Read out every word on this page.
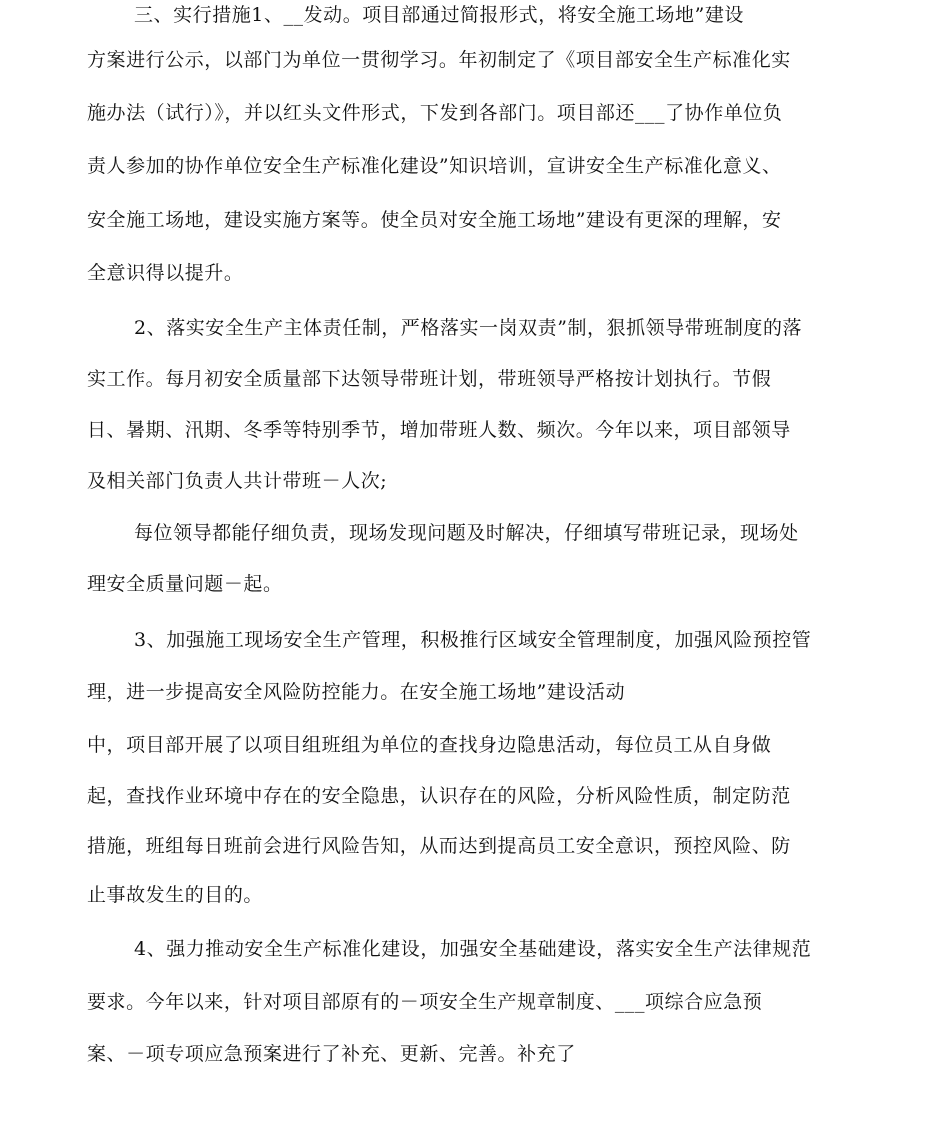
三、实行措施1、__发动。项目部通过简报形式，将安全施工场地”建设
方案进行公示，以部门为单位一贯彻学习。年初制定了《项目部安全生产标准化实
施办法（试行）》，并以红头文件形式，下发到各部门。项目部还___了协作单位负
责人参加的协作单位安全生产标准化建设”知识培训，宣讲安全生产标准化意义、
安全施工场地，建设实施方案等。使全员对安全施工场地”建设有更深的理解，安
全意识得以提升。
2、落实安全生产主体责任制，严格落实一岗双责”制，狠抓领导带班制度的落
实工作。每月初安全质量部下达领导带班计划，带班领导严格按计划执行。节假
日、暑期、汛期、冬季等特别季节，增加带班人数、频次。今年以来，项目部领导
及相关部门负责人共计带班－人次;
每位领导都能仔细负责，现场发现问题及时解决，仔细填写带班记录，现场处
理安全质量问题－起。
3、加强施工现场安全生产管理，积极推行区域安全管理制度，加强风险预控管
理，进一步提高安全风险防控能力。在安全施工场地”建设活动
中，项目部开展了以项目组班组为单位的查找身边隐患活动，每位员工从自身做
起，查找作业环境中存在的安全隐患，认识存在的风险，分析风险性质，制定防范
措施，班组每日班前会进行风险告知，从而达到提高员工安全意识，预控风险、防
止事故发生的目的。
4、强力推动安全生产标准化建设，加强安全基础建设，落实安全生产法律规范
要求。今年以来，针对项目部原有的－项安全生产规章制度、___项综合应急预
案、－项专项应急预案进行了补充、更新、完善。补充了
